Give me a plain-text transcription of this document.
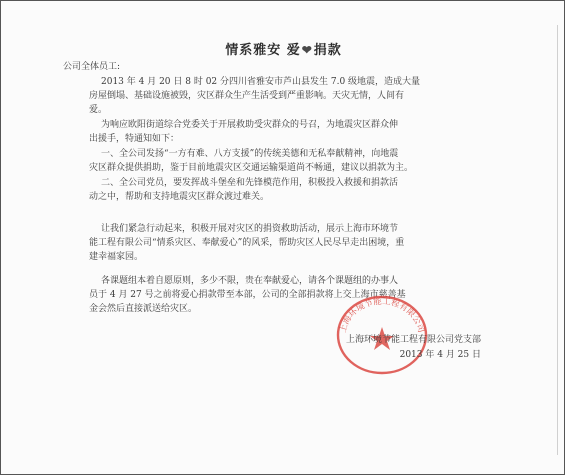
情系雅安 爱❤捐款
公司全体员工:
2013 年 4 月 20 日 8 时 02 分四川省雅安市芦山县发生 7.0 级地震，造成大量
房屋倒塌、基础设施被毁，灾区群众生产生活受到严重影响。天灾无情，人间有
爱。
为响应欧阳街道综合党委关于开展救助受灾群众的号召，为地震灾区群众伸
出援手，特通知如下：
一、全公司发扬“一方有难、八方支援”的传统美德和无私奉献精神，向地震
灾区群众提供捐助，鉴于目前地震灾区交通运输渠道尚不畅通，建议以捐款为主。
二、全公司党员，要发挥战斗堡垒和先锋模范作用，积极投入救援和捐款活
动之中，帮助和支持地震灾区群众渡过难关。
让我们紧急行动起来，积极开展对灾区的捐资救助活动，展示上海市环境节
能工程有限公司“情系灾区、奉献爱心”的风采，帮助灾区人民尽早走出困境，重
建幸福家园。
各课题组本着自愿原则，多少不限，贵在奉献爱心，请各个课题组的办事人
员于 4 月 27 号之前将爱心捐款带至本部，公司的全部捐款将上交上海市慈善基
金会然后直接派送给灾区。
上海环境节能工程有限公司
上海环境节能工程有限公司党支部
2013 年 4 月 25 日
